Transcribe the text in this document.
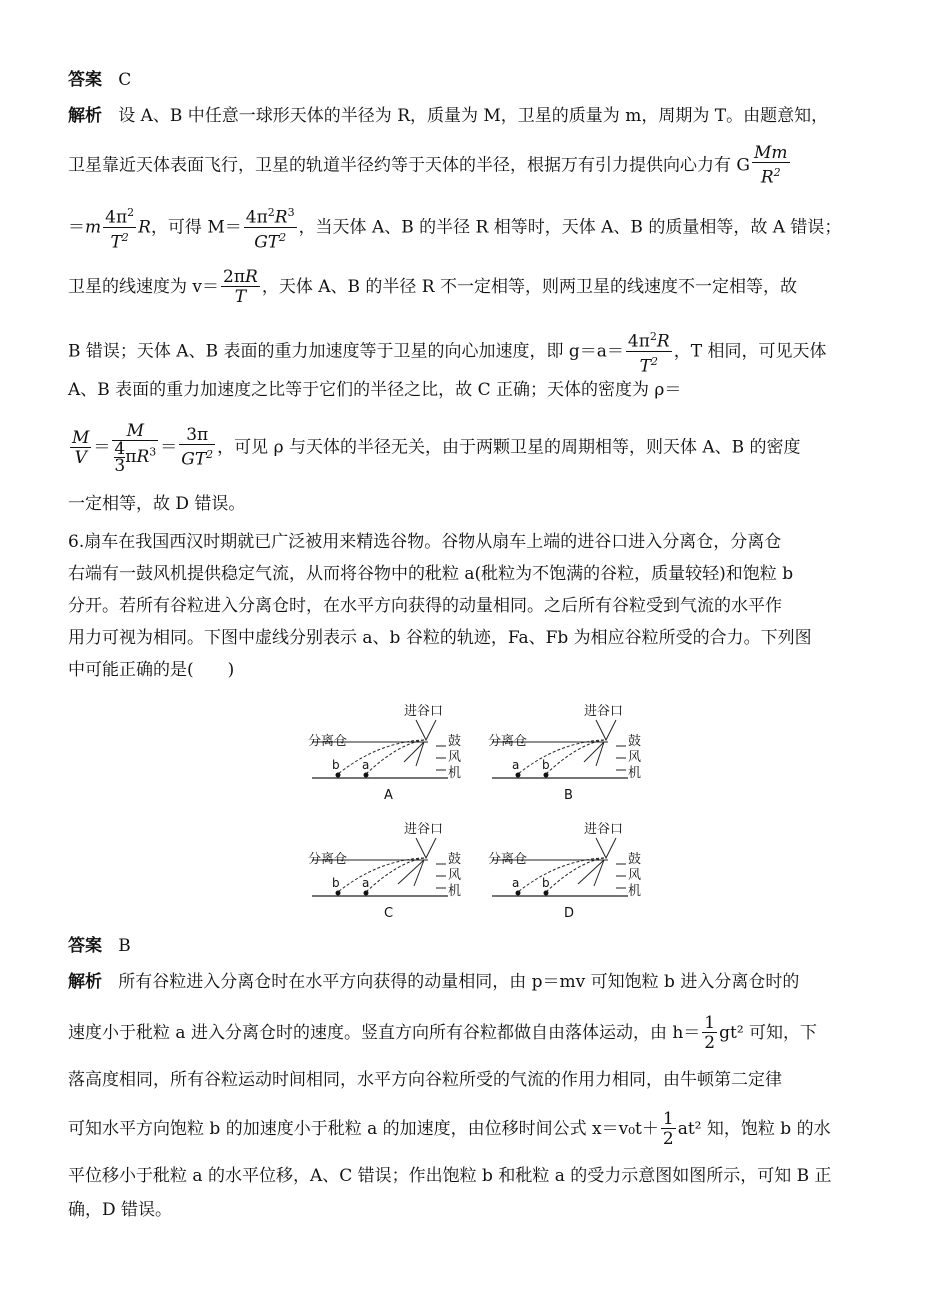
答案 C
解析 设 A、B 中任意一球形天体的半径为 R，质量为 M，卫星的质量为 m，周期为 T。由题意知，
卫星靠近天体表面飞行，卫星的轨道半径约等于天体的半径，根据万有引力提供向心力有 G $\frac{Mm}{R^2}$
$=m \frac{4\pi^2}{T^2}$ R，可得 $M= \frac{4\pi^2R^3}{GT^2}$ ，当天体 A、B 的半径 R 相等时，天体 A、B 的质量相等，故 A 错误；
卫星的线速度为 $v= \frac{2\pi R}{T}$ ，天体 A、B 的半径 R 不一定相等，则两卫星的线速度不一定相等，故
B 错误；天体 A、B 表面的重力加速度等于卫星的向心加速度，即 $g=a= \frac{4\pi^2R}{T^2}$ ，T 相同，可见天体
A、B 表面的重力加速度之比等于它们的半径之比，故 C 正确；天体的密度为 ρ＝
$\frac{M}{V} = \frac{M}{\frac{4}{3} \pi R^3} = \frac{3\pi}{GT^2}$ ，可见 ρ 与天体的半径无关，由于两颗卫星的周期相等，则天体 A、B 的密度
一定相等，故 D 错误。
6.扇车在我国西汉时期就已广泛被用来精选谷物。谷物从扇车上端的进谷口进入分离仓，分离仓
右端有一鼓风机提供稳定气流，从而将谷物中的秕粒 a(秕粒为不饱满的谷粒，质量较轻)和饱粒 b
分开。若所有谷粒进入分离仓时，在水平方向获得的动量相同。之后所有谷粒受到气流的水平作
用力可视为相同。下图中虚线分别表示 a、b 谷粒的轨迹，Fa、Fb 为相应谷粒所受的合力。下列图
中可能正确的是(　　)
答案 B
解析 所有谷粒进入分离仓时在水平方向获得的动量相同，由 p＝mv 可知饱粒 b 进入分离仓时的
速度小于秕粒 a 进入分离仓时的速度。竖直方向所有谷粒都做自由落体运动，由 $h= \frac{1}{2} gt^2$ 可知，下
落高度相同，所有谷粒运动时间相同，水平方向谷粒所受的气流的作用力相同，由牛顿第二定律
可知水平方向饱粒 b 的加速度小于秕粒 a 的加速度，由位移时间公式 $x=v_0t+ \frac{1}{2} at^2$ 知，饱粒 b 的水
平位移小于秕粒 a 的水平位移，A、C 错误；作出饱粒 b 和秕粒 a 的受力示意图如图所示，可知 B 正
确，D 错误。
进谷口
分离仓	鼓
风
机
b a
A
进谷口
分离仓	鼓
风
机
a b
B
进谷口
分离仓	鼓
风
机
b a
C
进谷口
分离仓	鼓
风
机
a b
D
